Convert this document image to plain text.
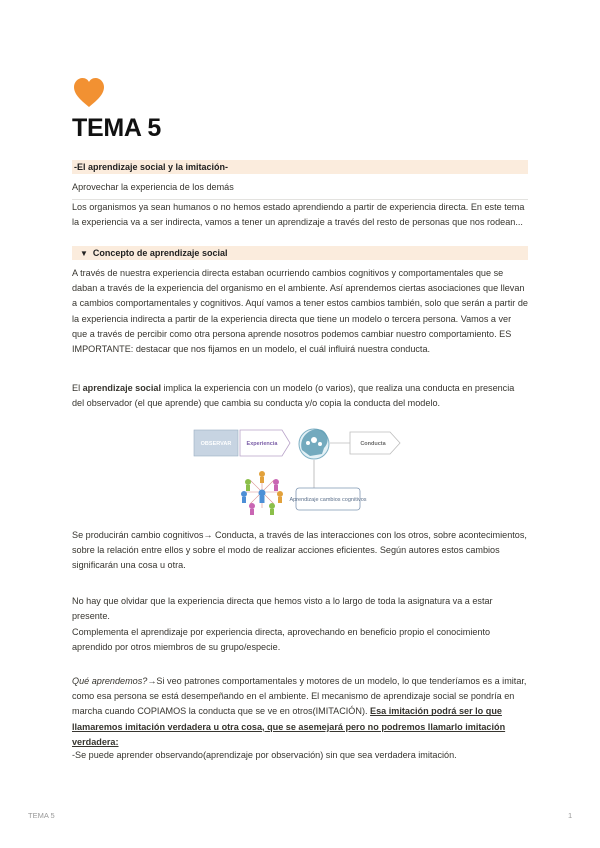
TEMA 5
-El aprendizaje social y la imitación-

Aprovechar la experiencia de los demás

Los organismos ya sean humanos o no hemos estado aprendiendo a partir de experiencia directa. En este tema la experiencia va a ser indirecta, vamos a tener un aprendizaje a través del resto de personas que nos rodean...

▼ Concepto de aprendizaje social

A través de nuestra experiencia directa estaban ocurriendo cambios cognitivos y comportamentales que se daban a través de la experiencia del organismo en el ambiente. Así aprendemos ciertas asociaciones que llevan a cambios comportamentales y cognitivos. Aquí vamos a tener estos cambios también, solo que serán a partir de la experiencia indirecta a partir de la experiencia directa que tiene un modelo o tercera persona. Vamos a ver que a través de percibir como otra persona aprende nosotros podemos cambiar nuestro comportamiento. ES IMPORTANTE: destacar que nos fijamos en un modelo, el cuál influirá nuestra conducta.

El aprendizaje social implica la experiencia con un modelo (o varios), que realiza una conducta en presencia del observador (el que aprende) que cambia su conducta y/o copia la conducta del modelo.

Se producirán cambio cognitivos→ Conducta, a través de las interacciones con los otros, sobre acontecimientos, sobre la relación entre ellos y sobre el modo de realizar acciones eficientes. Según autores estos cambios significarán una cosa u otra.

No hay que olvidar que la experiencia directa que hemos visto a lo largo de toda la asignatura va a estar presente.

Complementa el aprendizaje por experiencia directa, aprovechando en beneficio propio el conocimiento aprendido por otros miembros de su grupo/especie.

Qué aprendemos?→Si veo patrones comportamentales y motores de un modelo, lo que tenderíamos es a imitar, como esa persona se está desempeñando en el ambiente. El mecanismo de aprendizaje social se pondría en marcha cuando COPIAMOS la conducta que se ve en otros(IMITACIÓN). Esa imitación podrá ser lo que llamaremos imitación verdadera u otra cosa, que se asemejará pero no podremos llamarlo imitación verdadera:

-Se puede aprender observando(aprendizaje por observación) sin que sea verdadera imitación.

OBSERVAR	Experiencia	Conducta
Aprendizaje cambios cognitivos
TEMA 5	1
